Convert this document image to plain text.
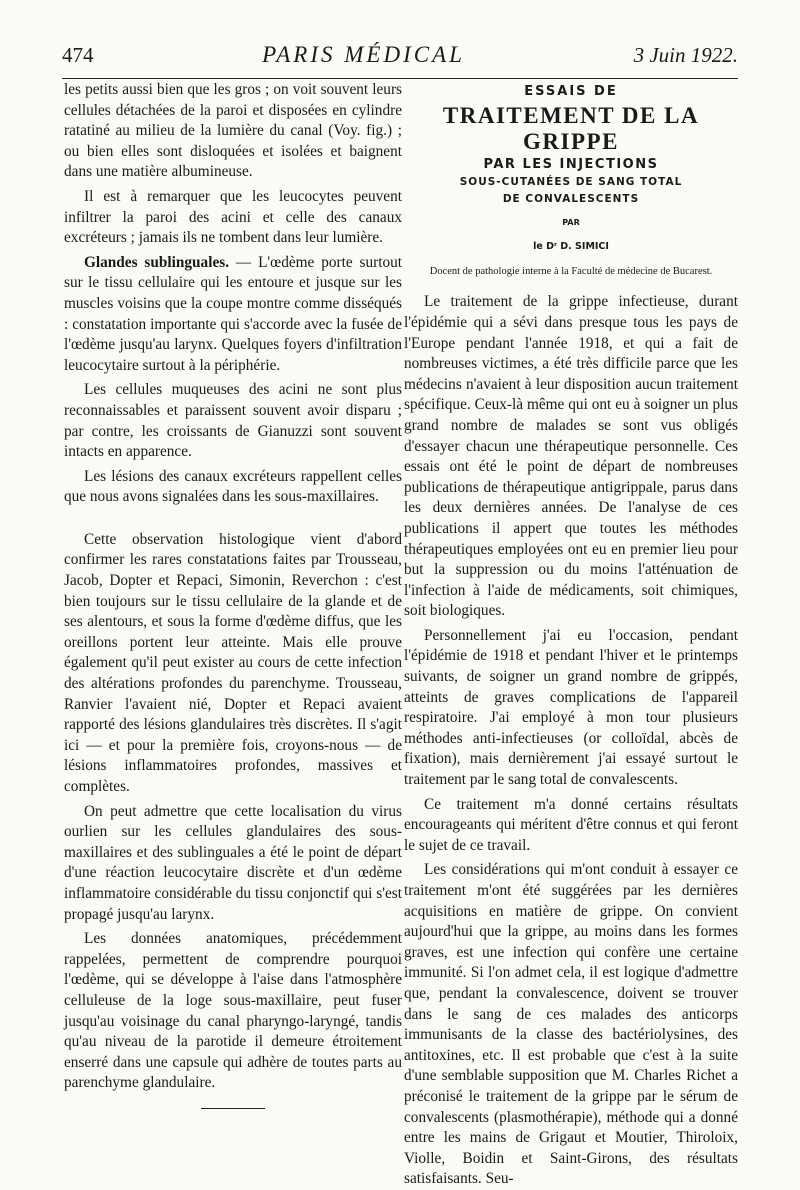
474	PARIS MÉDICAL	3 Juin 1922.

les petits aussi bien que les gros ; on voit souvent leurs cellules détachées de la paroi et disposées en cylindre ratatiné au milieu de la lumière du canal (Voy. fig.) ; ou bien elles sont disloquées et isolées et baignent dans une matière albumineuse.

Il est à remarquer que les leucocytes peuvent infiltrer la paroi des acini et celle des canaux excréteurs ; jamais ils ne tombent dans leur lumière.

Glandes sublinguales. — L'œdème porte surtout sur le tissu cellulaire qui les entoure et jusque sur les muscles voisins que la coupe montre comme disséqués : constatation importante qui s'accorde avec la fusée de l'œdème jusqu'au larynx. Quelques foyers d'infiltration leucocytaire surtout à la périphérie.

Les cellules muqueuses des acini ne sont plus reconnaissables et paraissent souvent avoir disparu ; par contre, les croissants de Gianuzzi sont souvent intacts en apparence.

Les lésions des canaux excréteurs rappellent celles que nous avons signalées dans les sous-maxillaires.

Cette observation histologique vient d'abord confirmer les rares constatations faites par Trousseau, Jacob, Dopter et Repaci, Simonin, Reverchon : c'est bien toujours sur le tissu cellulaire de la glande et de ses alentours, et sous la forme d'œdème diffus, que les oreillons portent leur atteinte. Mais elle prouve également qu'il peut exister au cours de cette infection des altérations profondes du parenchyme. Trousseau, Ranvier l'avaient nié, Dopter et Repaci avaient rapporté des lésions glandulaires très discrètes. Il s'agit ici — et pour la première fois, croyons-nous — de lésions inflammatoires profondes, massives et complètes.

On peut admettre que cette localisation du virus ourlien sur les cellules glandulaires des sous-maxillaires et des sublinguales a été le point de départ d'une réaction leucocytaire discrète et d'un œdème inflammatoire considérable du tissu conjonctif qui s'est propagé jusqu'au larynx.

Les données anatomiques, précédemment rappelées, permettent de comprendre pourquoi l'œdème, qui se développe à l'aise dans l'atmosphère celluleuse de la loge sous-maxillaire, peut fuser jusqu'au voisinage du canal pharyngo-laryngé, tandis qu'au niveau de la parotide il demeure étroitement enserré dans une capsule qui adhère de toutes parts au parenchyme glandulaire.

ESSAIS DE
TRAITEMENT DE LA GRIPPE
PAR LES INJECTIONS
SOUS-CUTANÉES DE SANG TOTAL
DE CONVALESCENTS
PAR
le Dʳ D. SIMICI
Docent de pathologie interne à la Faculté de médecine de Bucarest.

Le traitement de la grippe infectieuse, durant l'épidémie qui a sévi dans presque tous les pays de l'Europe pendant l'année 1918, et qui a fait de nombreuses victimes, a été très difficile parce que les médecins n'avaient à leur disposition aucun traitement spécifique. Ceux-là même qui ont eu à soigner un plus grand nombre de malades se sont vus obligés d'essayer chacun une thérapeutique personnelle. Ces essais ont été le point de départ de nombreuses publications de thérapeutique antigrippale, parus dans les deux dernières années. De l'analyse de ces publications il appert que toutes les méthodes thérapeutiques employées ont eu en premier lieu pour but la suppression ou du moins l'atténuation de l'infection à l'aide de médicaments, soit chimiques, soit biologiques.

Personnellement j'ai eu l'occasion, pendant l'épidémie de 1918 et pendant l'hiver et le printemps suivants, de soigner un grand nombre de grippés, atteints de graves complications de l'appareil respiratoire. J'ai employé à mon tour plusieurs méthodes anti-infectieuses (or colloïdal, abcès de fixation), mais dernièrement j'ai essayé surtout le traitement par le sang total de convalescents.

Ce traitement m'a donné certains résultats encourageants qui méritent d'être connus et qui feront le sujet de ce travail.

Les considérations qui m'ont conduit à essayer ce traitement m'ont été suggérées par les dernières acquisitions en matière de grippe. On convient aujourd'hui que la grippe, au moins dans les formes graves, est une infection qui confère une certaine immunité. Si l'on admet cela, il est logique d'admettre que, pendant la convalescence, doivent se trouver dans le sang de ces malades des anticorps immunisants de la classe des bactériolysines, des antitoxines, etc. Il est probable que c'est à la suite d'une semblable supposition que M. Charles Richet a préconisé le traitement de la grippe par le sérum de convalescents (plasmothérapie), méthode qui a donné entre les mains de Grigaut et Moutier, Thiroloix, Violle, Boidin et Saint-Girons, des résultats satisfaisants. Seu-
